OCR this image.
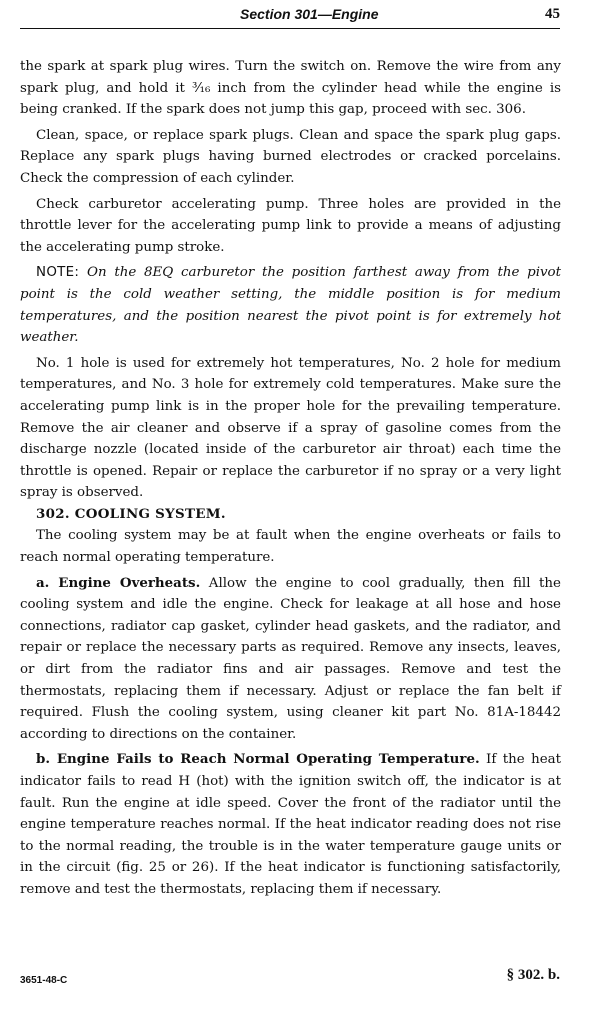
Section 301—Engine	45

the spark at spark plug wires. Turn the switch on. Remove the wire from any spark plug, and hold it ³⁄₁₆ inch from the cylinder head while the engine is being cranked. If the spark does not jump this gap, proceed with sec. 306.

Clean, space, or replace spark plugs. Clean and space the spark plug gaps. Replace any spark plugs having burned electrodes or cracked porcelains. Check the compression of each cylinder.

Check carburetor accelerating pump. Three holes are provided in the throttle lever for the accelerating pump link to provide a means of adjusting the accelerating pump stroke.

NOTE: On the 8EQ carburetor the position farthest away from the pivot point is the cold weather setting, the middle position is for medium temperatures, and the position nearest the pivot point is for extremely hot weather.

No. 1 hole is used for extremely hot temperatures, No. 2 hole for medium temperatures, and No. 3 hole for extremely cold temperatures. Make sure the accelerating pump link is in the proper hole for the prevailing temperature. Remove the air cleaner and observe if a spray of gasoline comes from the discharge nozzle (located inside of the carburetor air throat) each time the throttle is opened. Repair or replace the carburetor if no spray or a very light spray is observed.

302. COOLING SYSTEM.

The cooling system may be at fault when the engine overheats or fails to reach normal operating temperature.

a. Engine Overheats. Allow the engine to cool gradually, then fill the cooling system and idle the engine. Check for leakage at all hose and hose connections, radiator cap gasket, cylinder head gaskets, and the radiator, and repair or replace the necessary parts as required. Remove any insects, leaves, or dirt from the radiator fins and air passages. Remove and test the thermostats, replacing them if necessary. Adjust or replace the fan belt if required. Flush the cooling system, using cleaner kit part No. 81A-18442 according to directions on the container.

b. Engine Fails to Reach Normal Operating Temperature. If the heat indicator fails to read H (hot) with the ignition switch off, the indicator is at fault. Run the engine at idle speed. Cover the front of the radiator until the engine temperature reaches normal. If the heat indicator reading does not rise to the normal reading, the trouble is in the water temperature gauge units or in the circuit (fig. 25 or 26). If the heat indicator is functioning satisfactorily, remove and test the thermostats, replacing them if necessary.

3651-48-C	§ 302. b.
